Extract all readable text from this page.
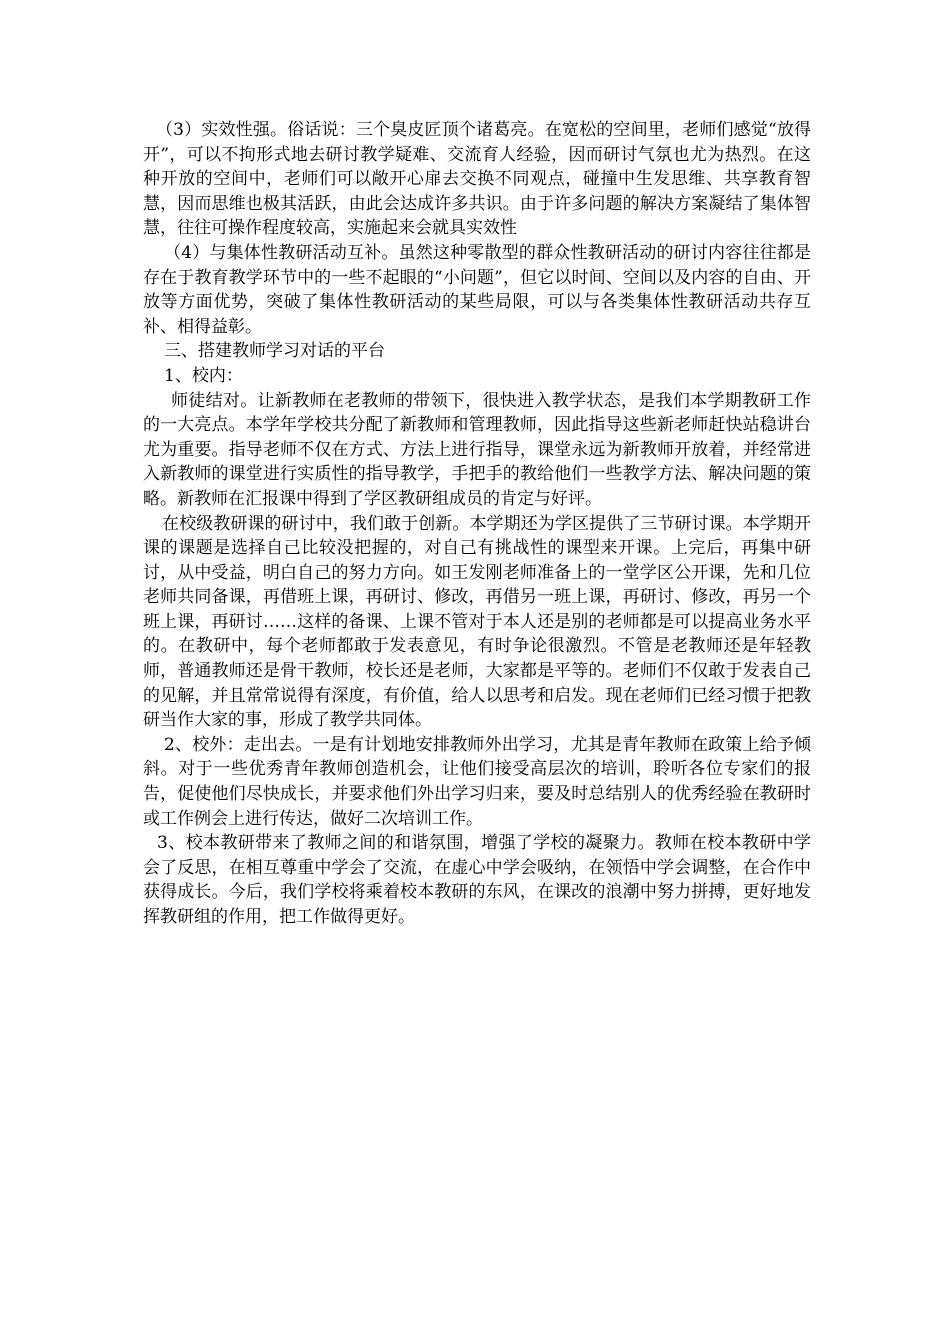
（3）实效性强。俗话说：三个臭皮匠顶个诸葛亮。在宽松的空间里，老师们感觉“放得开”，可以不拘形式地去研讨教学疑难、交流育人经验，因而研讨气氛也尤为热烈。在这种开放的空间中，老师们可以敞开心扉去交换不同观点，碰撞中生发思维、共享教育智慧，因而思维也极其活跃，由此会达成许多共识。由于许多问题的解决方案凝结了集体智慧，往往可操作程度较高，实施起来会就具实效性

（4）与集体性教研活动互补。虽然这种零散型的群众性教研活动的研讨内容往往都是存在于教育教学环节中的一些不起眼的“小问题”，但它以时间、空间以及内容的自由、开放等方面优势，突破了集体性教研活动的某些局限，可以与各类集体性教研活动共存互补、相得益彰。

三、搭建教师学习对话的平台

1、校内：

师徒结对。让新教师在老教师的带领下，很快进入教学状态，是我们本学期教研工作的一大亮点。本学年学校共分配了新教师和管理教师，因此指导这些新老师赶快站稳讲台尤为重要。指导老师不仅在方式、方法上进行指导，课堂永远为新教师开放着，并经常进入新教师的课堂进行实质性的指导教学，手把手的教给他们一些教学方法、解决问题的策略。新教师在汇报课中得到了学区教研组成员的肯定与好评。

在校级教研课的研讨中，我们敢于创新。本学期还为学区提供了三节研讨课。本学期开课的课题是选择自己比较没把握的，对自己有挑战性的课型来开课。上完后，再集中研讨，从中受益，明白自己的努力方向。如王发刚老师准备上的一堂学区公开课，先和几位老师共同备课，再借班上课，再研讨、修改，再借另一班上课，再研讨、修改，再另一个班上课，再研讨……这样的备课、上课不管对于本人还是别的老师都是可以提高业务水平的。在教研中，每个老师都敢于发表意见，有时争论很激烈。不管是老教师还是年轻教师，普通教师还是骨干教师，校长还是老师，大家都是平等的。老师们不仅敢于发表自己的见解，并且常常说得有深度，有价值，给人以思考和启发。现在老师们已经习惯于把教研当作大家的事，形成了教学共同体。

2、校外：走出去。一是有计划地安排教师外出学习，尤其是青年教师在政策上给予倾斜。对于一些优秀青年教师创造机会，让他们接受高层次的培训，聆听各位专家们的报告，促使他们尽快成长，并要求他们外出学习归来，要及时总结别人的优秀经验在教研时或工作例会上进行传达，做好二次培训工作。

3、校本教研带来了教师之间的和谐氛围，增强了学校的凝聚力。教师在校本教研中学会了反思，在相互尊重中学会了交流，在虚心中学会吸纳，在领悟中学会调整，在合作中获得成长。今后，我们学校将乘着校本教研的东风，在课改的浪潮中努力拼搏，更好地发挥教研组的作用，把工作做得更好。
